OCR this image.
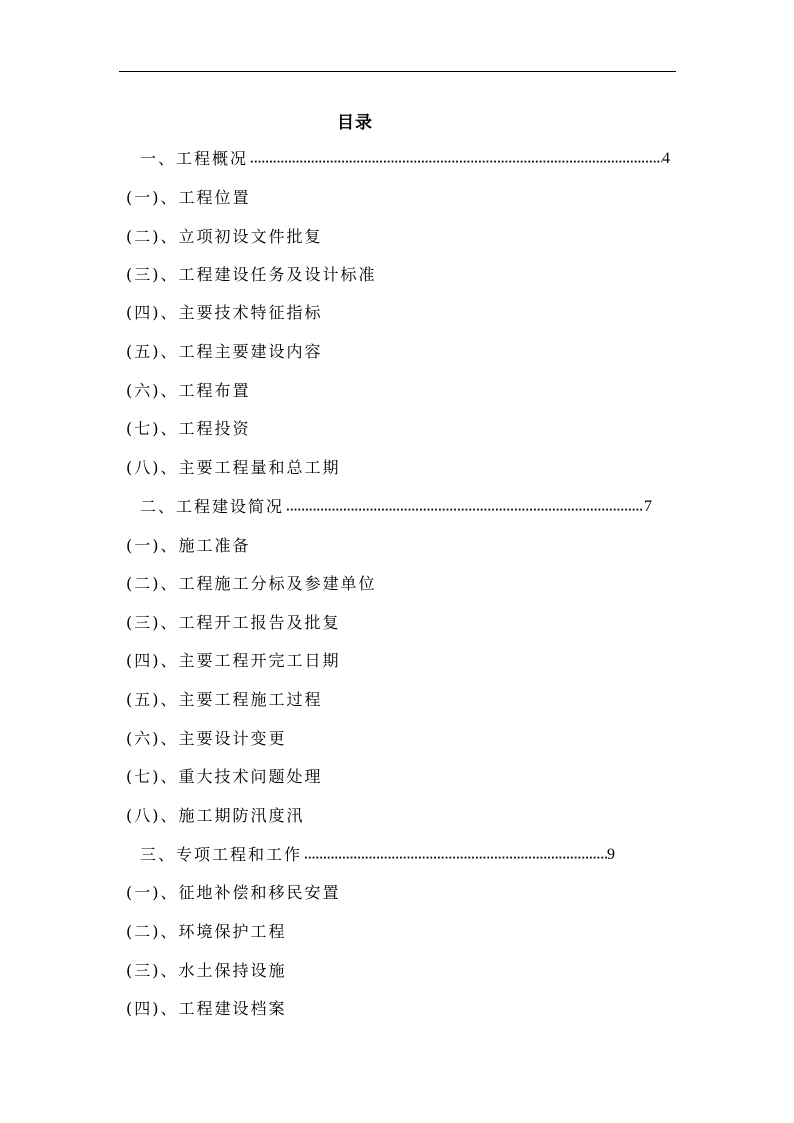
目录
一、工程概况 ·····	4
(一)、工程位置
(二)、立项初设文件批复
(三)、工程建设任务及设计标准
(四)、主要技术特征指标
(五)、工程主要建设内容
(六)、工程布置
(七)、工程投资
(八)、主要工程量和总工期
二、工程建设简况 ·····	7
(一)、施工准备
(二)、工程施工分标及参建单位
(三)、工程开工报告及批复
(四)、主要工程开完工日期
(五)、主要工程施工过程
(六)、主要设计变更
(七)、重大技术问题处理
(八)、施工期防汛度汛
三、专项工程和工作 ·····	9
(一)、征地补偿和移民安置
(二)、环境保护工程
(三)、水土保持设施
(四)、工程建设档案
